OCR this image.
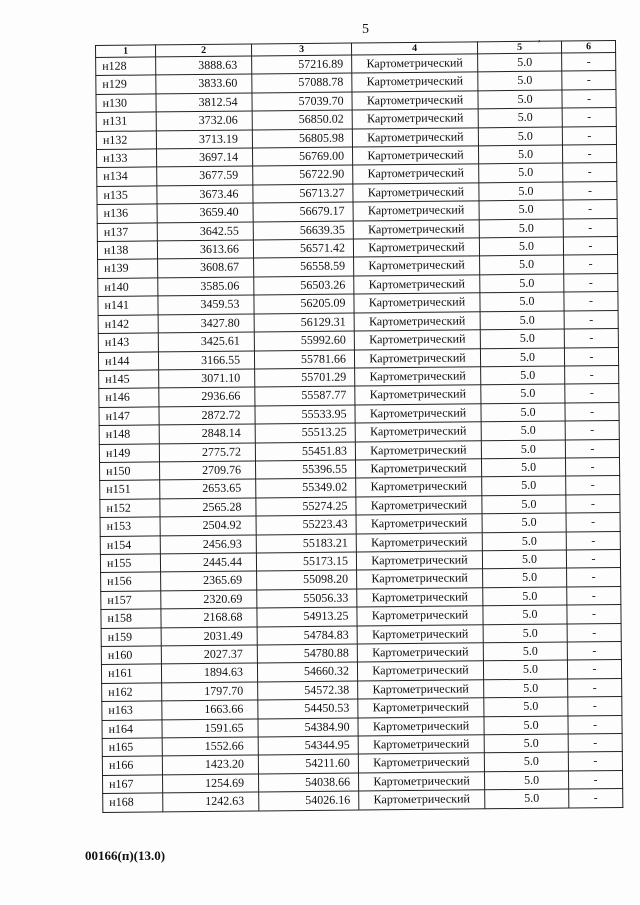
5
,
1	2	3	4	5	6
н128	3888.63	57216.89	Картометрический	5.0	-
н129	3833.60	57088.78	Картометрический	5.0	-
н130	3812.54	57039.70	Картометрический	5.0	-
н131	3732.06	56850.02	Картометрический	5.0	-
н132	3713.19	56805.98	Картометрический	5.0	-
н133	3697.14	56769.00	Картометрический	5.0	-
н134	3677.59	56722.90	Картометрический	5.0	-
н135	3673.46	56713.27	Картометрический	5.0	-
н136	3659.40	56679.17	Картометрический	5.0	-
н137	3642.55	56639.35	Картометрический	5.0	-
н138	3613.66	56571.42	Картометрический	5.0	-
н139	3608.67	56558.59	Картометрический	5.0	-
н140	3585.06	56503.26	Картометрический	5.0	-
н141	3459.53	56205.09	Картометрический	5.0	-
н142	3427.80	56129.31	Картометрический	5.0	-
н143	3425.61	55992.60	Картометрический	5.0	-
н144	3166.55	55781.66	Картометрический	5.0	-
н145	3071.10	55701.29	Картометрический	5.0	-
н146	2936.66	55587.77	Картометрический	5.0	-
н147	2872.72	55533.95	Картометрический	5.0	-
н148	2848.14	55513.25	Картометрический	5.0	-
н149	2775.72	55451.83	Картометрический	5.0	-
н150	2709.76	55396.55	Картометрический	5.0	-
н151	2653.65	55349.02	Картометрический	5.0	-
н152	2565.28	55274.25	Картометрический	5.0	-
н153	2504.92	55223.43	Картометрический	5.0	-
н154	2456.93	55183.21	Картометрический	5.0	-
н155	2445.44	55173.15	Картометрический	5.0	-
н156	2365.69	55098.20	Картометрический	5.0	-
н157	2320.69	55056.33	Картометрический	5.0	-
н158	2168.68	54913.25	Картометрический	5.0	-
н159	2031.49	54784.83	Картометрический	5.0	-
н160	2027.37	54780.88	Картометрический	5.0	-
н161	1894.63	54660.32	Картометрический	5.0	-
н162	1797.70	54572.38	Картометрический	5.0	-
н163	1663.66	54450.53	Картометрический	5.0	-
н164	1591.65	54384.90	Картометрический	5.0	-
н165	1552.66	54344.95	Картометрический	5.0	-
н166	1423.20	54211.60	Картометрический	5.0	-
н167	1254.69	54038.66	Картометрический	5.0	-
н168	1242.63	54026.16	Картометрический	5.0	-
00166(п)(13.0)
